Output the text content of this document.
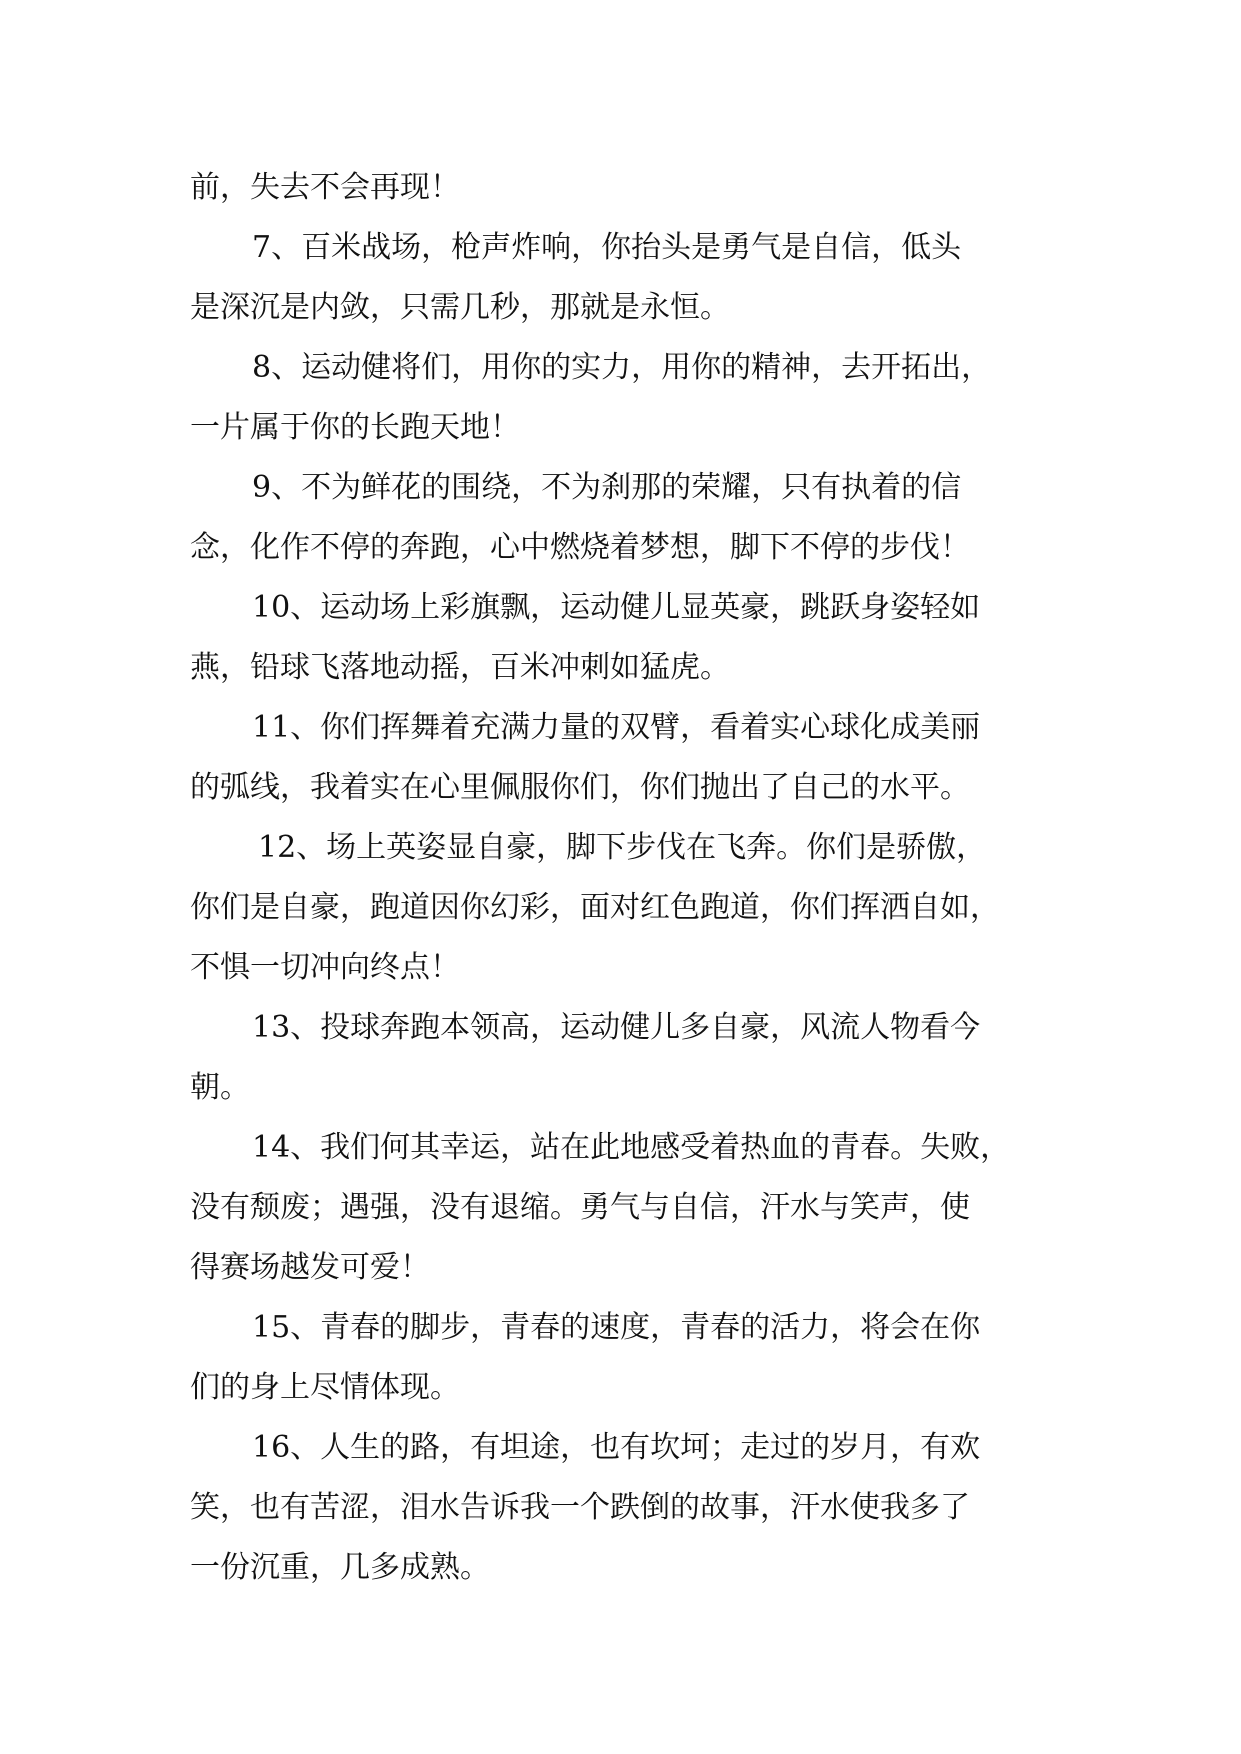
前，失去不会再现！
7、百米战场，枪声炸响，你抬头是勇气是自信，低头
是深沉是内敛，只需几秒，那就是永恒。
8、运动健将们，用你的实力，用你的精神，去开拓出，
一片属于你的长跑天地！
9、不为鲜花的围绕，不为刹那的荣耀，只有执着的信
念，化作不停的奔跑，心中燃烧着梦想，脚下不停的步伐！
10、运动场上彩旗飘，运动健儿显英豪，跳跃身姿轻如
燕，铅球飞落地动摇，百米冲刺如猛虎。
11、你们挥舞着充满力量的双臂，看着实心球化成美丽
的弧线，我着实在心里佩服你们，你们抛出了自己的水平。
12、场上英姿显自豪，脚下步伐在飞奔。你们是骄傲，
你们是自豪，跑道因你幻彩，面对红色跑道，你们挥洒自如，
不惧一切冲向终点！
13、投球奔跑本领高，运动健儿多自豪，风流人物看今
朝。
14、我们何其幸运，站在此地感受着热血的青春。失败，
没有颓废；遇强，没有退缩。勇气与自信，汗水与笑声，使
得赛场越发可爱！
15、青春的脚步，青春的速度，青春的活力，将会在你
们的身上尽情体现。
16、人生的路，有坦途，也有坎坷；走过的岁月，有欢
笑，也有苦涩，泪水告诉我一个跌倒的故事，汗水使我多了
一份沉重，几多成熟。
